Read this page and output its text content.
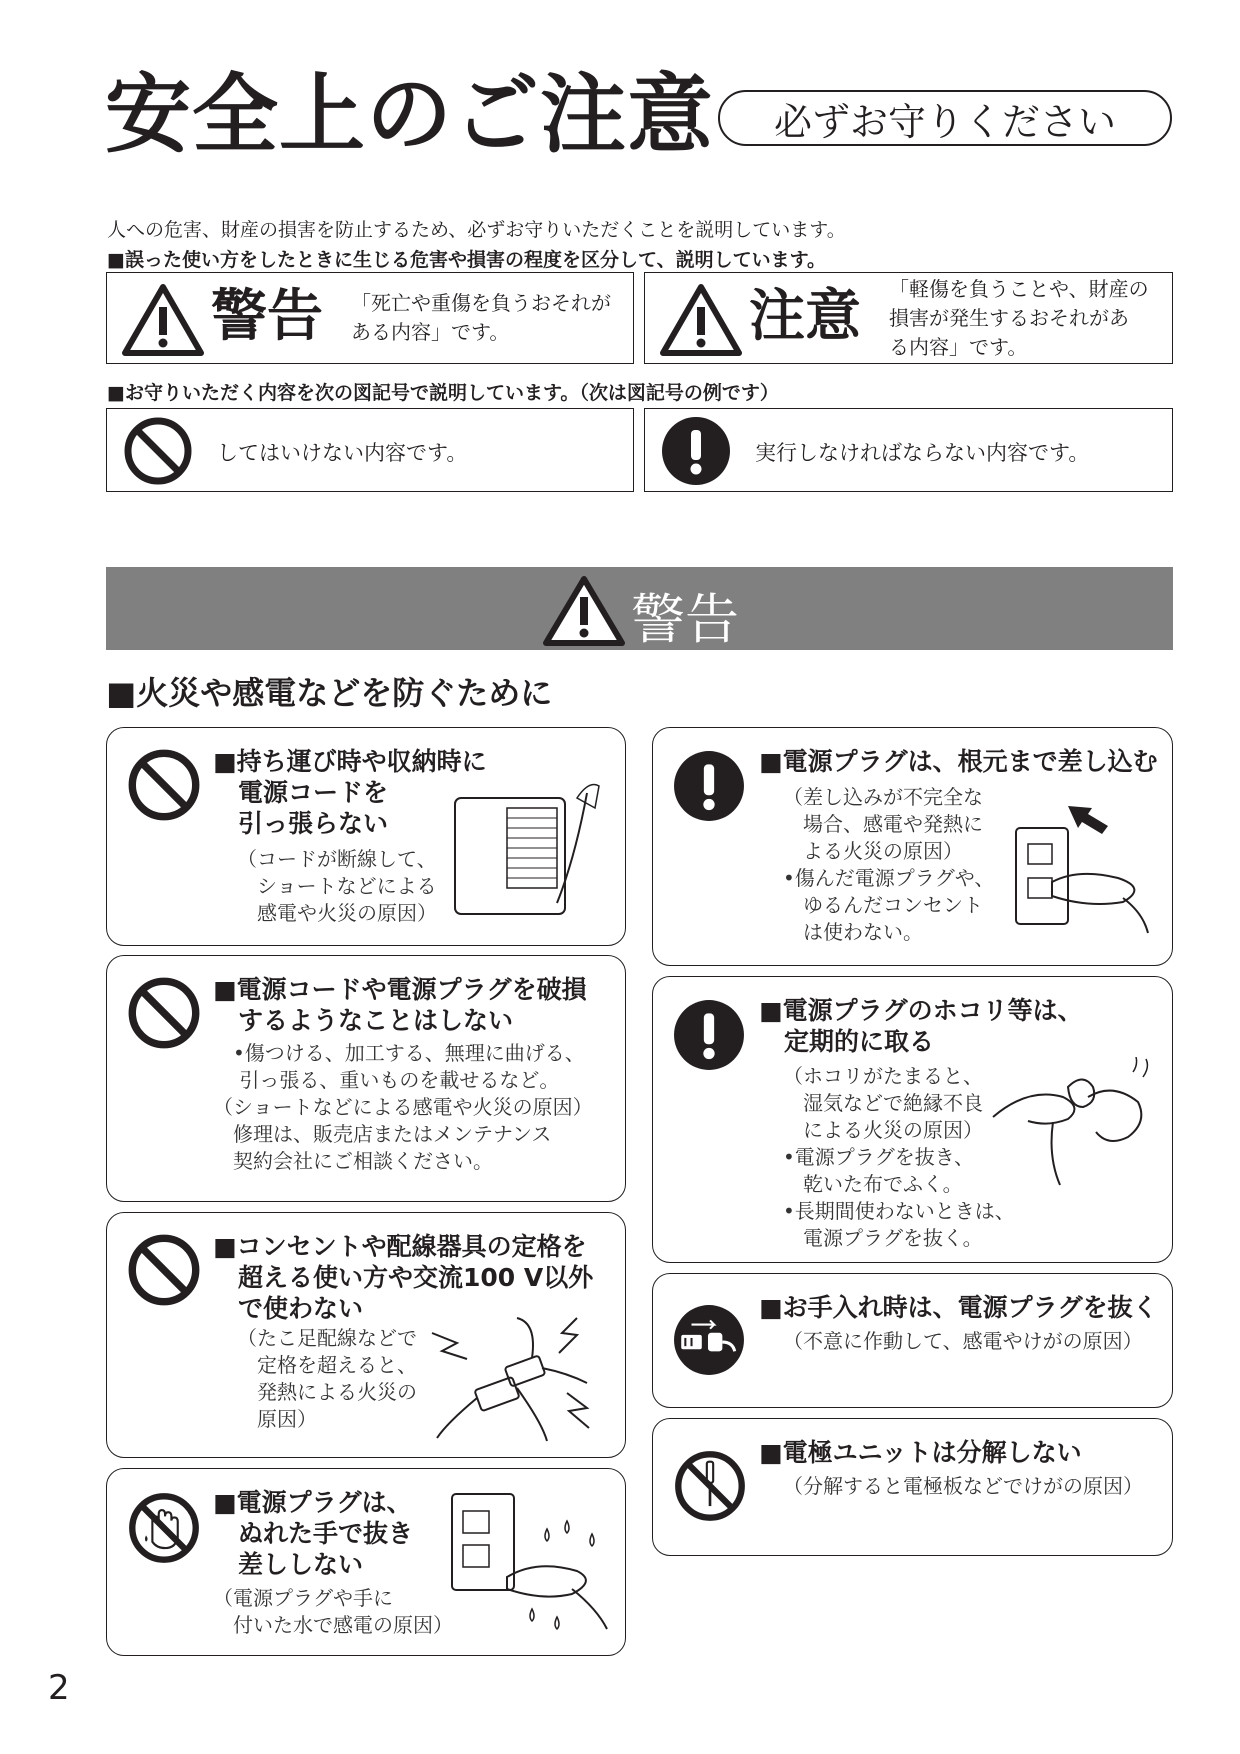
安全上のご注意	必ずお守りください
人への危害、財産の損害を防止するため、必ずお守りいただくことを説明しています。
■誤った使い方をしたときに生じる危害や損害の程度を区分して、説明しています。
警告 「死亡や重傷を負うおそれが
ある内容」です。	注意 「軽傷を負うことや、財産の
損害が発生するおそれがあ
る内容」です。
■お守りいただく内容を次の図記号で説明しています。（次は図記号の例です）
してはいけない内容です。	実行しなければならない内容です。
警告
■火災や感電などを防ぐために
■持ち運び時や収納時に
　電源コードを
　引っ張らない
（コードが断線して、
　ショートなどによる
　感電や火災の原因）
■電源コードや電源プラグを破損
　するようなことはしない
　•傷つける、加工する、無理に曲げる、
　 引っ張る、重いものを載せるなど。
（ショートなどによる感電や火災の原因）
　修理は、販売店またはメンテナンス
　契約会社にご相談ください。
■コンセントや配線器具の定格を
　超える使い方や交流100 V以外
　で使わない
（たこ足配線などで
　定格を超えると、
　発熱による火災の
　原因）
■電源プラグは、
　ぬれた手で抜き
　差ししない
（電源プラグや手に
　付いた水で感電の原因）
■電源プラグは、根元まで差し込む
（差し込みが不完全な
　場合、感電や発熱に
　よる火災の原因）
•傷んだ電源プラグや、
　ゆるんだコンセント
　は使わない。
■電源プラグのホコリ等は、
　定期的に取る
（ホコリがたまると、
　湿気などで絶縁不良
　による火災の原因）
•電源プラグを抜き、
　乾いた布でふく。
•長期間使わないときは、
　電源プラグを抜く。
■お手入れ時は、電源プラグを抜く
（不意に作動して、感電やけがの原因）
■電極ユニットは分解しない
（分解すると電極板などでけがの原因）
2
